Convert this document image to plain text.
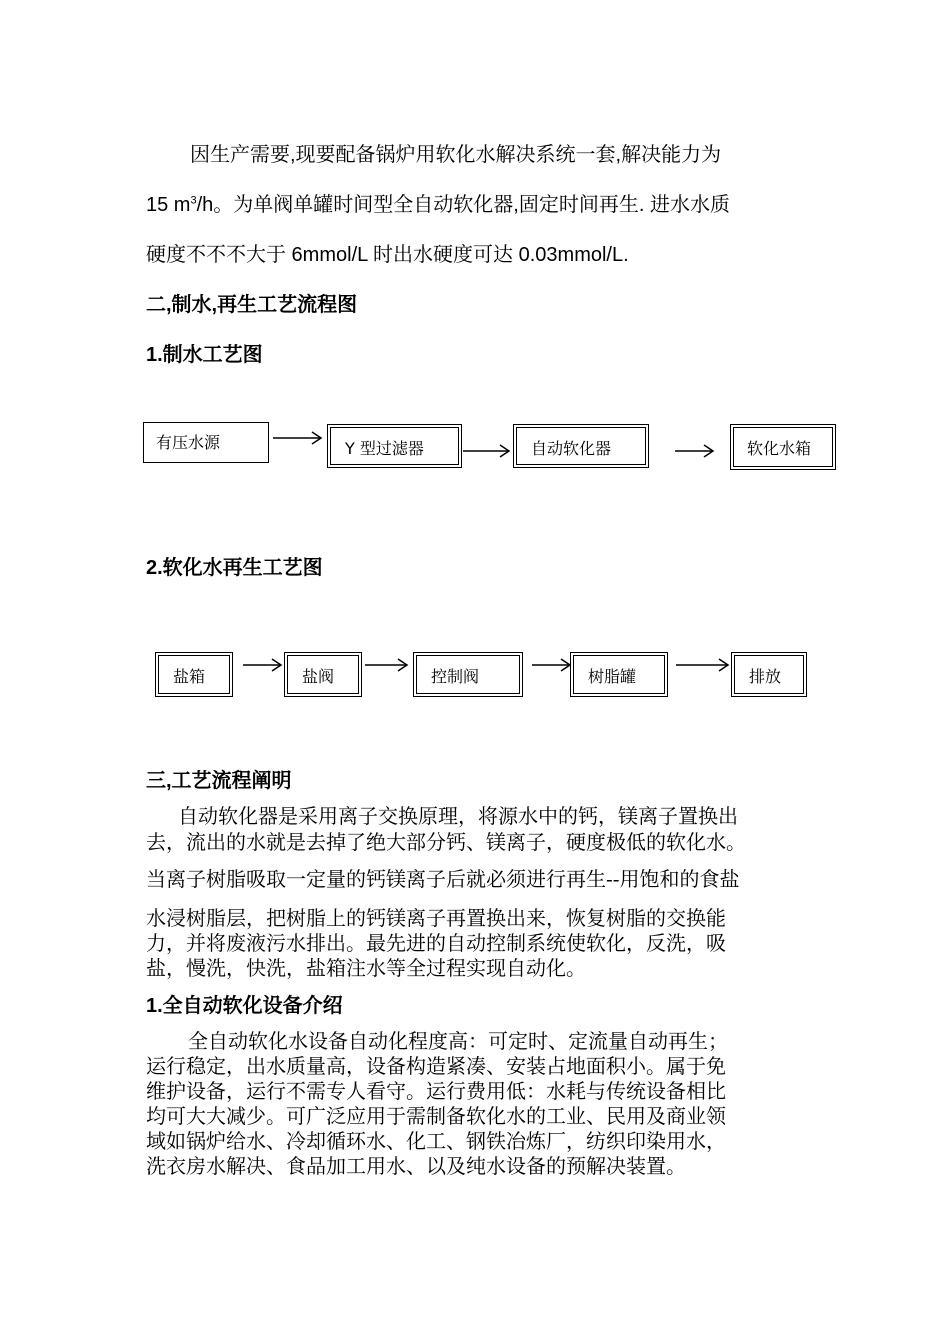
因生产需要,现要配备锅炉用软化水解决系统一套,解决能力为
15 $m^3/h$。为单阀单罐时间型全自动软化器,固定时间再生. 进水水质
硬度不不不大于 6mmol/L 时出水硬度可达 0.03mmol/L.
二,制水,再生工艺流程图
1.制水工艺图
有压水源	Y 型过滤器	自动软化器	软化水箱
2.软化水再生工艺图
盐箱	盐阀	控制阀	树脂罐	排放
三,工艺流程阐明
自动软化器是采用离子交换原理，将源水中的钙，镁离子置换出
去，流出的水就是去掉了绝大部分钙、镁离子，硬度极低的软化水。
当离子树脂吸取一定量的钙镁离子后就必须进行再生--用饱和的食盐
水浸树脂层，把树脂上的钙镁离子再置换出来，恢复树脂的交换能
力，并将废液污水排出。最先进的自动控制系统使软化，反洗，吸
盐，慢洗，快洗，盐箱注水等全过程实现自动化。
1.全自动软化设备介绍
全自动软化水设备自动化程度高：可定时、定流量自动再生；
运行稳定，出水质量高，设备构造紧凑、安装占地面积小。属于免
维护设备，运行不需专人看守。运行费用低：水耗与传统设备相比
均可大大减少。可广泛应用于需制备软化水的工业、民用及商业领
域如锅炉给水、冷却循环水、化工、钢铁冶炼厂，纺织印染用水，
洗衣房水解决、食品加工用水、以及纯水设备的预解决装置。
